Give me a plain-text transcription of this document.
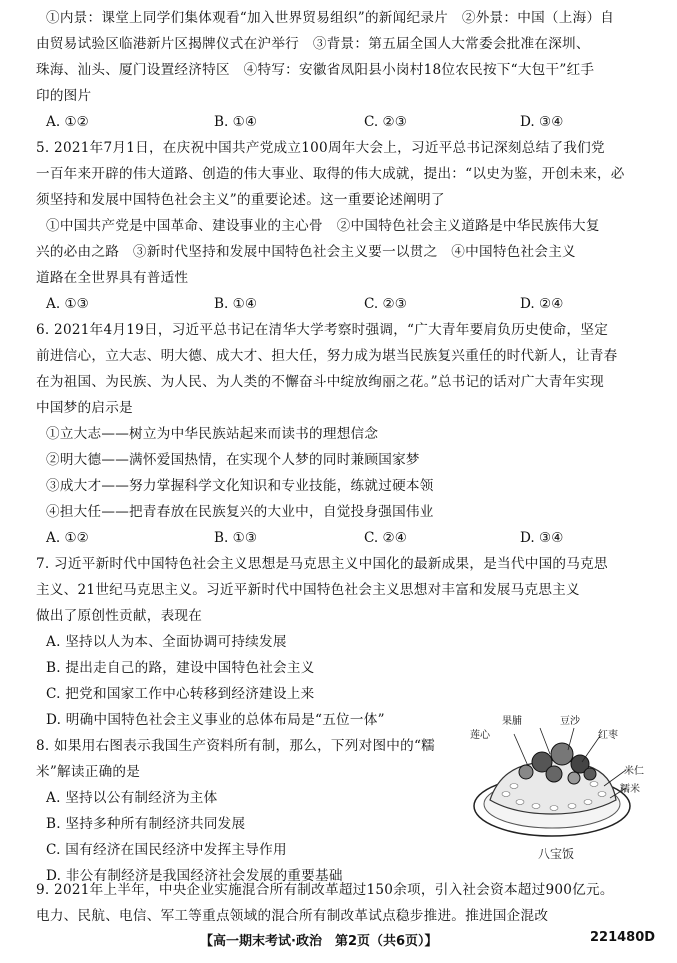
①内景：课堂上同学们集体观看“加入世界贸易组织”的新闻纪录片　②外景：中国（上海）自
由贸易试验区临港新片区揭牌仪式在沪举行　③背景：第五届全国人大常委会批准在深圳、
珠海、汕头、厦门设置经济特区　④特写：安徽省凤阳县小岗村18位农民按下“大包干”红手
印的图片
A. ①②	B. ①④	C. ②③	D. ③④
5. 2021年7月1日，在庆祝中国共产党成立100周年大会上，习近平总书记深刻总结了我们党
一百年来开辟的伟大道路、创造的伟大事业、取得的伟大成就，提出：“以史为鉴，开创未来，必
须坚持和发展中国特色社会主义”的重要论述。这一重要论述阐明了
①中国共产党是中国革命、建设事业的主心骨　②中国特色社会主义道路是中华民族伟大复
兴的必由之路　③新时代坚持和发展中国特色社会主义要一以贯之　④中国特色社会主义
道路在全世界具有普适性
A. ①③	B. ①④	C. ②③	D. ②④
6. 2021年4月19日，习近平总书记在清华大学考察时强调，“广大青年要肩负历史使命，坚定
前进信心，立大志、明大德、成大才、担大任，努力成为堪当民族复兴重任的时代新人，让青春
在为祖国、为民族、为人民、为人类的不懈奋斗中绽放绚丽之花。”总书记的话对广大青年实现
中国梦的启示是
①立大志——树立为中华民族站起来而读书的理想信念
②明大德——满怀爱国热情，在实现个人梦的同时兼顾国家梦
③成大才——努力掌握科学文化知识和专业技能，练就过硬本领
④担大任——把青春放在民族复兴的大业中，自觉投身强国伟业
A. ①②	B. ①③	C. ②④	D. ③④
7. 习近平新时代中国特色社会主义思想是马克思主义中国化的最新成果，是当代中国的马克思
主义、21世纪马克思主义。习近平新时代中国特色社会主义思想对丰富和发展马克思主义
做出了原创性贡献，表现在
A. 坚持以人为本、全面协调可持续发展
B. 提出走自己的路，建设中国特色社会主义
C. 把党和国家工作中心转移到经济建设上来
D. 明确中国特色社会主义事业的总体布局是“五位一体”
8. 如果用右图表示我国生产资料所有制，那么，下列对图中的“糯
米”解读正确的是
A. 坚持以公有制经济为主体
B. 坚持多种所有制经济共同发展
C. 国有经济在国民经济中发挥主导作用
D. 非公有制经济是我国经济社会发展的重要基础
果脯	豆沙
莲心	红枣
米仁
糯米
八宝饭
9. 2021年上半年，中央企业实施混合所有制改革超过150余项，引入社会资本超过900亿元。
电力、民航、电信、军工等重点领域的混合所有制改革试点稳步推进。推进国企混改
【高一期末考试·政治　第2页（共6页）】	221480D
